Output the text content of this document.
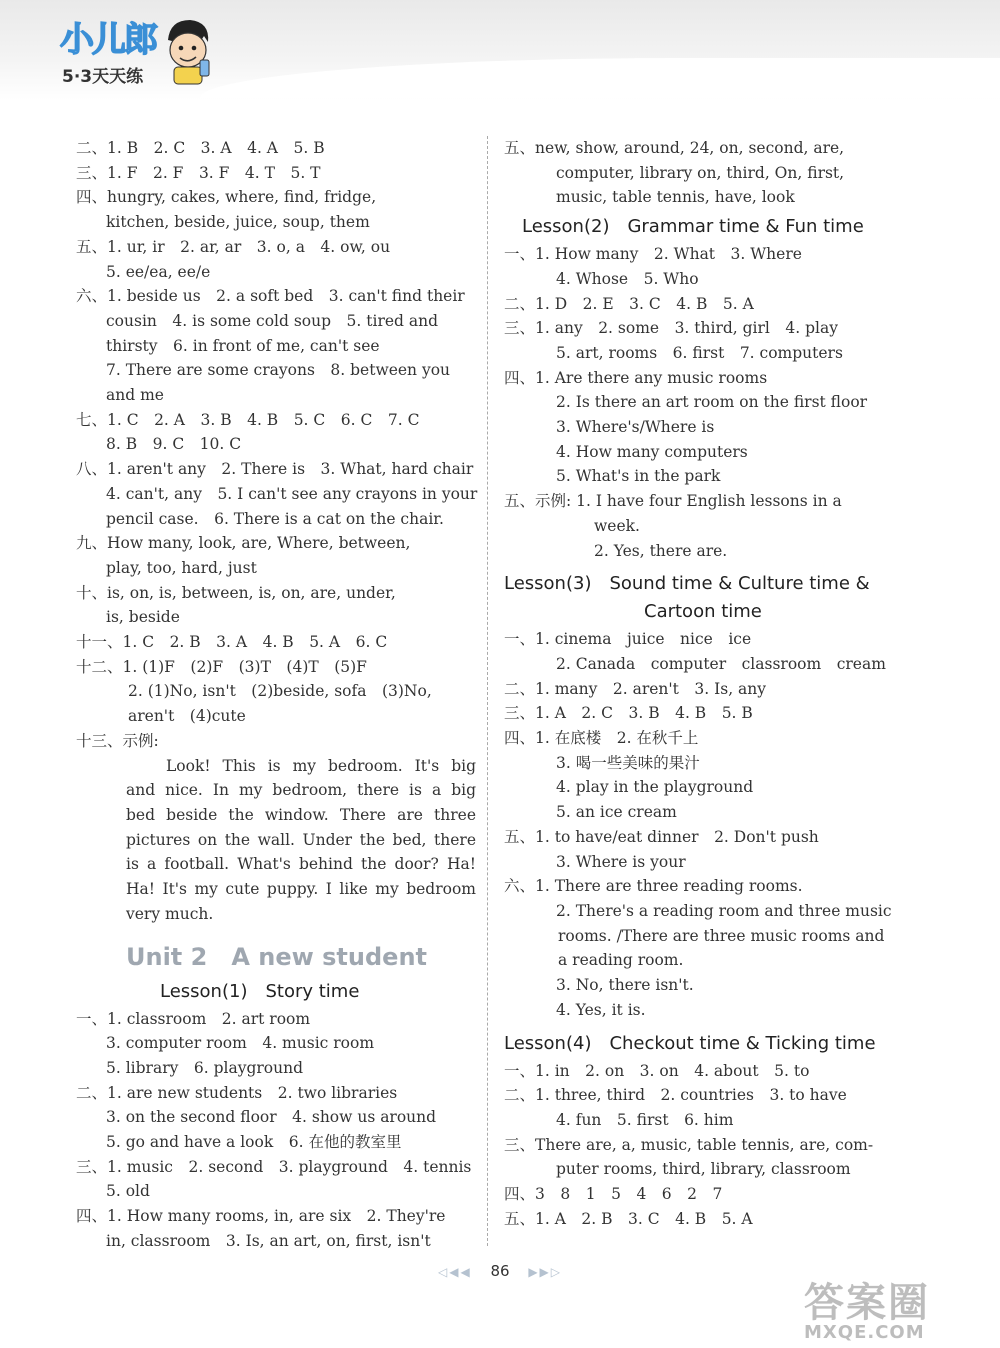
小儿郎
5·3天天练
二、1. B　2. C　3. A　4. A　5. B
三、1. F　2. F　3. F　4. T　5. T
四、hungry, cakes, where, find, fridge,
kitchen, beside, juice, soup, them
五、1. ur, ir　2. ar, ar　3. o, a　4. ow, ou
5. ee/ea, ee/e
六、1. beside us　2. a soft bed　3. can't find their
cousin　4. is some cold soup　5. tired and
thirsty　6. in front of me, can't see
7. There are some crayons　8. between you
and me
七、1. C　2. A　3. B　4. B　5. C　6. C　7. C
8. B　9. C　10. C
八、1. aren't any　2. There is　3. What, hard chair
4. can't, any　5. I can't see any crayons in your
pencil case.　6. There is a cat on the chair.
九、How many, look, are, Where, between,
play, too, hard, just
十、is, on, is, between, is, on, are, under,
is, beside
十一、1. C　2. B　3. A　4. B　5. A　6. C
十二、1. (1)F　(2)F　(3)T　(4)T　(5)F
2. (1)No, isn't　(2)beside, sofa　(3)No,
aren't　(4)cute
十三、示例:
Look! This is my bedroom. It's big
and nice. In my bedroom, there is a big
bed beside the window. There are three
pictures on the wall. Under the bed, there
is a football. What's behind the door? Ha!
Ha! It's my cute puppy. I like my bedroom
very much.
Unit 2　A new student
Lesson(1)　Story time
一、1. classroom　2. art room
3. computer room　4. music room
5. library　6. playground
二、1. are new students　2. two libraries
3. on the second floor　4. show us around
5. go and have a look　6. 在他的教室里
三、1. music　2. second　3. playground　4. tennis
5. old
四、1. How many rooms, in, are six　2. They're
in, classroom　3. Is, an art, on, first, isn't
五、new, show, around, 24, on, second, are,
computer, library on, third, On, first,
music, table tennis, have, look
Lesson(2)　Grammar time & Fun time
一、1. How many　2. What　3. Where
4. Whose　5. Who
二、1. D　2. E　3. C　4. B　5. A
三、1. any　2. some　3. third, girl　4. play
5. art, rooms　6. first　7. computers
四、1. Are there any music rooms
2. Is there an art room on the first floor
3. Where's/Where is
4. How many computers
5. What's in the park
五、示例: 1. I have four English lessons in a
week.
2. Yes, there are.
Lesson(3)　Sound time & Culture time &
Cartoon time
一、1. cinema　juice　nice　ice
2. Canada　computer　classroom　cream
二、1. many　2. aren't　3. Is, any
三、1. A　2. C　3. B　4. B　5. B
四、1. 在底楼　2. 在秋千上
3. 喝一些美味的果汁
4. play in the playground
5. an ice cream
五、1. to have/eat dinner　2. Don't push
3. Where is your
六、1. There are three reading rooms.
2. There's a reading room and three music
rooms. /There are three music rooms and
a reading room.
3. No, there isn't.
4. Yes, it is.
Lesson(4)　Checkout time & Ticking time
一、1. in　2. on　3. on　4. about　5. to
二、1. three, third　2. countries　3. to have
4. fun　5. first　6. him
三、There are, a, music, table tennis, are, com-
puter rooms, third, library, classroom
四、3　8　1　5　4　6　2　7
五、1. A　2. B　3. C　4. B　5. A
◁◀◀ 86 ▶▶▷
答案圈
MXQE.COM
